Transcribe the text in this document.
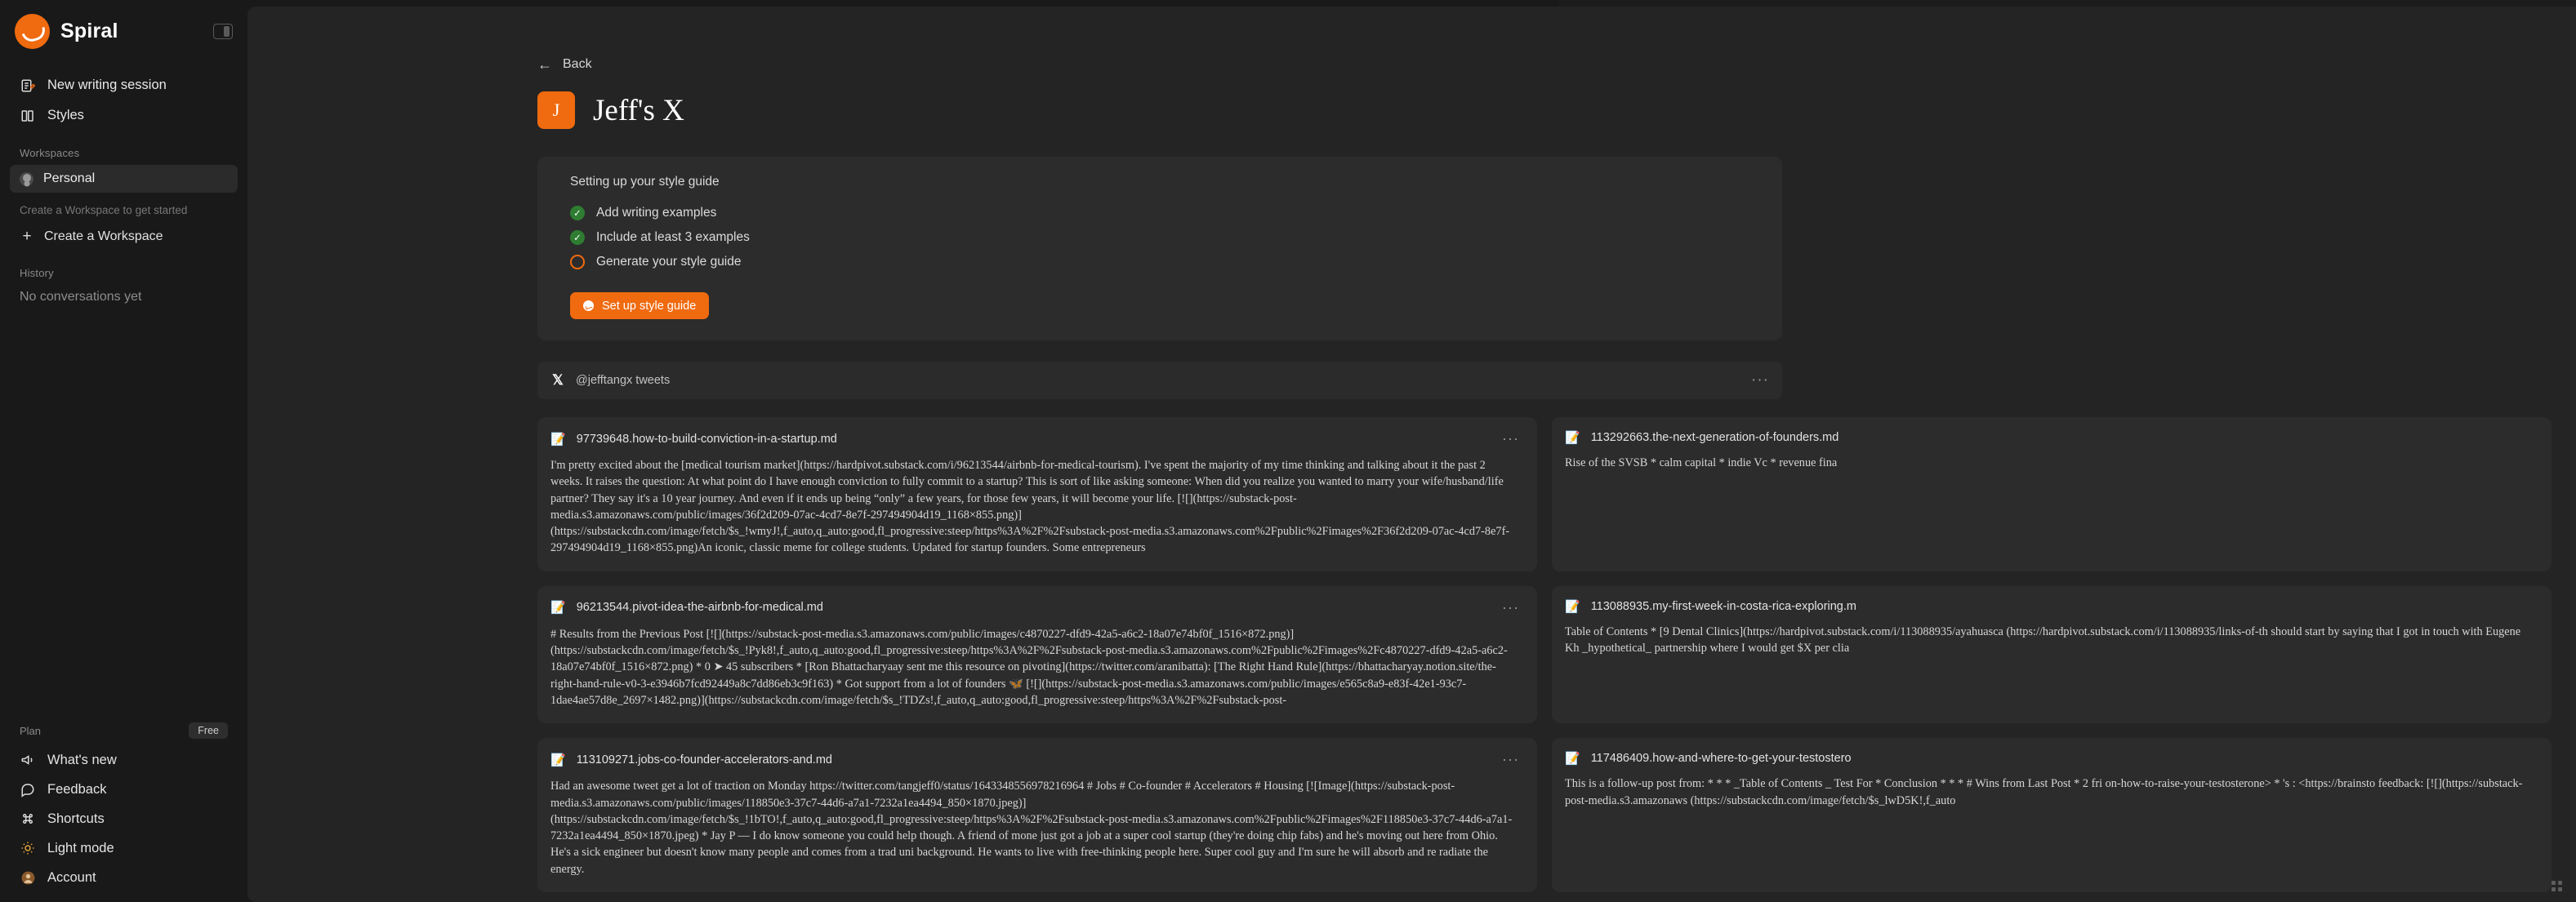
Spiral
New writing session
Styles
Workspaces
Personal
Create a Workspace to get started
+ Create a Workspace
History
No conversations yet
Plan	Free
What's new
Feedback
Shortcuts
Light mode
Account
← Back
J	Jeff's X
Setting up your style guide
✓ Add writing examples
✓ Include at least 3 examples
Generate your style guide
Set up style guide
𝕏 @jefftangx tweets	···
📝 97739648.how-to-build-conviction-in-a-startup.md	···
I'm pretty excited about the [medical tourism market](https://hardpivot.substack.com/i/96213544/airbnb-for-medical-tourism). I've spent the majority of my time thinking and talking about it the past 2 weeks. It raises the question: At what point do I have enough conviction to fully commit to a startup? This is sort of like asking someone: When did you realize you wanted to marry your wife/husband/life partner? They say it's a 10 year journey. And even if it ends up being “only” a few years, for those few years, it will become your life. [![](https://substack-post-media.s3.amazonaws.com/public/images/36f2d209-07ac-4cd7-8e7f-297494904d19_1168×855.png)](https://substackcdn.com/image/fetch/$s_!wmyJ!,f_auto,q_auto:good,fl_progressive:steep/https%3A%2F%2Fsubstack-post-media.s3.amazonaws.com%2Fpublic%2Fimages%2F36f2d209-07ac-4cd7-8e7f-297494904d19_1168×855.png)An iconic, classic meme for college students. Updated for startup founders. Some entrepreneurs
📝 113292663.the-next-generation-of-founders.md
Rise of the SVSB * calm capital * indie Vc * revenue fina
📝 96213544.pivot-idea-the-airbnb-for-medical.md	···
# Results from the Previous Post [![](https://substack-post-media.s3.amazonaws.com/public/images/c4870227-dfd9-42a5-a6c2-18a07e74bf0f_1516×872.png)](https://substackcdn.com/image/fetch/$s_!Pyk8!,f_auto,q_auto:good,fl_progressive:steep/https%3A%2F%2Fsubstack-post-media.s3.amazonaws.com%2Fpublic%2Fimages%2Fc4870227-dfd9-42a5-a6c2-18a07e74bf0f_1516×872.png) * 0 ➤ 45 subscribers * [Ron Bhattacharyaay sent me this resource on pivoting](https://twitter.com/aranibatta): [The Right Hand Rule](https://bhattacharyay.notion.site/the-right-hand-rule-v0-3-e3946b7fcd92449a8c7dd86eb3c9f163) * Got support from a lot of founders 🦋 [![](https://substack-post-media.s3.amazonaws.com/public/images/e565c8a9-e83f-42e1-93c7-1dae4ae57d8e_2697×1482.png)](https://substackcdn.com/image/fetch/$s_!TDZs!,f_auto,q_auto:good,fl_progressive:steep/https%3A%2F%2Fsubstack-post-
📝 113088935.my-first-week-in-costa-rica-exploring.m
Table of Contents * [9 Dental Clinics](https://hardpivot.substack.com/i/113088935/ayahuasca (https://hardpivot.substack.com/i/113088935/links-of-th should start by saying that I got in touch with Eugene Kh _hypothetical_ partnership where I would get $X per clia
📝 113109271.jobs-co-founder-accelerators-and.md	···
Had an awesome tweet get a lot of traction on Monday https://twitter.com/tangjeff0/status/1643348556978216964 # Jobs # Co-founder # Accelerators # Housing [![Image](https://substack-post-media.s3.amazonaws.com/public/images/118850e3-37c7-44d6-a7a1-7232a1ea4494_850×1870.jpeg)](https://substackcdn.com/image/fetch/$s_!1bTO!,f_auto,q_auto:good,fl_progressive:steep/https%3A%2F%2Fsubstack-post-media.s3.amazonaws.com%2Fpublic%2Fimages%2F118850e3-37c7-44d6-a7a1-7232a1ea4494_850×1870.jpeg) * Jay P — I do know someone you could help though. A friend of mone just got a job at a super cool startup (they're doing chip fabs) and he's moving out here from Ohio. He's a sick engineer but doesn't know many people and comes from a trad uni background. He wants to live with free-thinking people here. Super cool guy and I'm sure he will absorb and re radiate the energy.
📝 117486409.how-and-where-to-get-your-testostero
This is a follow-up post from: * * * _Table of Contents _ Test For * Conclusion * * * # Wins from Last Post * 2 fri on-how-to-raise-your-testosterone> * 's : <https://brainsto feedback: [![](https://substack-post-media.s3.amazonaws (https://substackcdn.com/image/fetch/$s_lwD5K!,f_auto
